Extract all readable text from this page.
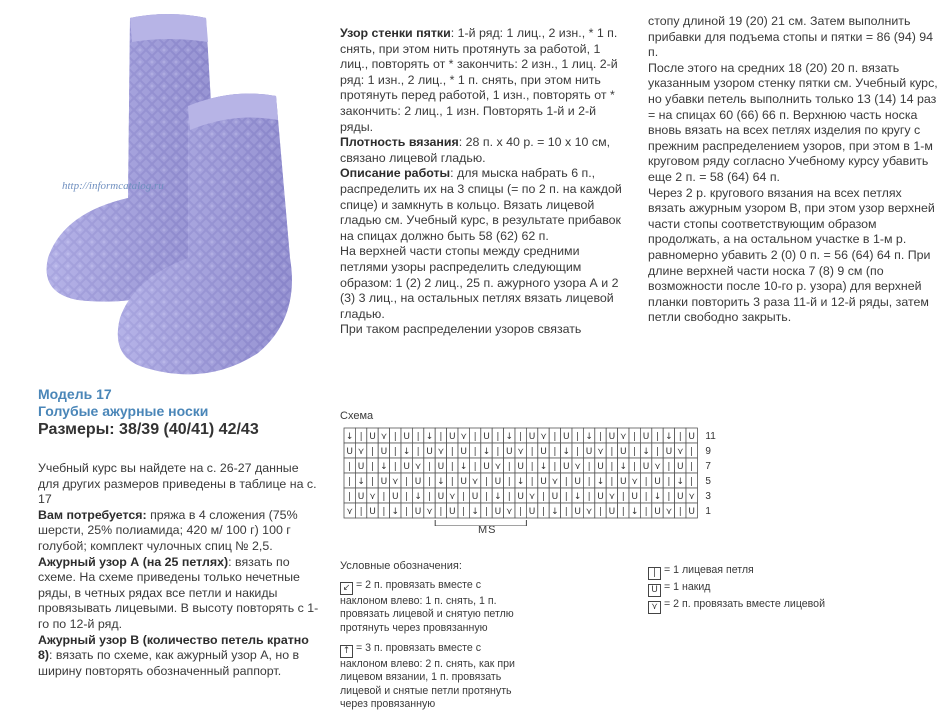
http://informcatalog.ru
Модель 17
Голубые ажурные носки
Размеры: 38/39 (40/41) 42/43

Учебный курс вы найдете на с. 26-27 данные для других размеров приведены в таблице на с. 17

Вам потребуется: пряжа в 4 сложения (75% шерсти, 25% полиамида; 420 м/ 100 г) 100 г голубой; комплект чулочных спиц № 2,5.

Ажурный узор А (на 25 петлях): вязать по схеме. На схеме приведены только нечетные ряды, в четных рядах все петли и накиды провязывать лицевыми. В высоту повторять с 1-го по 12-й ряд.

Ажурный узор В (количество петель кратно 8): вязать по схеме, как ажурный узор А, но в ширину повторять обозначенный раппорт.

Узор стенки пятки: 1-й ряд: 1 лиц., 2 изн., * 1 п. снять, при этом нить протянуть за работой, 1 лиц., повторять от * закончить: 2 изн., 1 лиц. 2-й ряд: 1 изн., 2 лиц., * 1 п. снять, при этом нить протянуть перед работой, 1 изн., повторять от * закончить: 2 лиц., 1 изн. Повторять 1-й и 2-й ряды.

Плотность вязания: 28 п. х 40 р. = 10 х 10 см, связано лицевой гладью.

Описание работы: для мыска набрать 6 п., распределить их на 3 спицы (= по 2 п. на каждой спице) и замкнуть в кольцо. Вязать лицевой гладью см. Учебный курс, в результате прибавок на спицах должно быть 58 (62) 62 п.

На верхней части стопы между средними петлями узоры распределить следующим образом: 1 (2) 2 лиц., 25 п. ажурного узора А и 2 (3) 3 лиц., на остальных петлях вязать лицевой гладью.

При таком распределении узоров связать

стопу длиной 19 (20) 21 см. Затем выполнить прибавки для подъема стопы и пятки = 86 (94) 94 п.

После этого на средних 18 (20) 20 п. вязать указанным узором стенку пятки см. Учебный курс, но убавки петель выполнить только 13 (14) 14 раз = на спицах 60 (66) 66 п. Верхнюю часть носка вновь вязать на всех петлях изделия по кругу с прежним распределением узоров, при этом в 1-м круговом ряду согласно Учебному курсу убавить еще 2 п. = 58 (64) 64 п.

Через 2 р. кругового вязания на всех петлях вязать ажурным узором В, при этом узор верхней части стопы соответствующим образом продолжать, а на остальном участке в 1-м р. равномерно убавить 2 (0) 0 п. = 56 (64) 64 п. При длине верхней части носка 7 (8) 9 см (по возможности после 10-го р. узора) для верхней планки повторить 3 раза 11-й и 12-й ряды, затем петли свободно закрыть.

Схема
↓ | U ⋎ | U | ↓ | U ⋎ | U | ↓ | U ⋎ | U | ↓ | U ⋎ | U | ↓ | U 11
U ⋎ | U | ↓ | U ⋎ | U | ↓ | U ⋎ | U | ↓ | U ⋎ | U | ↓ | U ⋎ | 9
| U | ↓ | U ⋎ | U | ↓ | U ⋎ | U | ↓ | U ⋎ | U | ↓ | U ⋎ | U | 7
| ↓ | U ⋎ | U | ↓ | U ⋎ | U | ↓ | U ⋎ | U | ↓ | U ⋎ | U | ↓ | 5
| U ⋎ | U | ↓ | U ⋎ | U | ↓ | U ⋎ | U | ↓ | U ⋎ | U | ↓ | U ⋎ 3
⋎ | U | ↓ | U ⋎ | U | ↓ | U ⋎ | U | ↓ | U ⋎ | U | ↓ | U ⋎ | U 1
MS
Условные обозначения:
↙ = 2 п. провязать вместе с наклоном влево: 1 п. снять, 1 п. провязать лицевой и снятую петлю протянуть через провязанную
↑ = 3 п. провязать вместе с наклоном влево: 2 п. снять, как при лицевом вязании, 1 п. провязать лицевой и снятые петли протянуть через провязанную
| = 1 лицевая петля
U = 1 накид
⋎ = 2 п. провязать вместе лицевой
